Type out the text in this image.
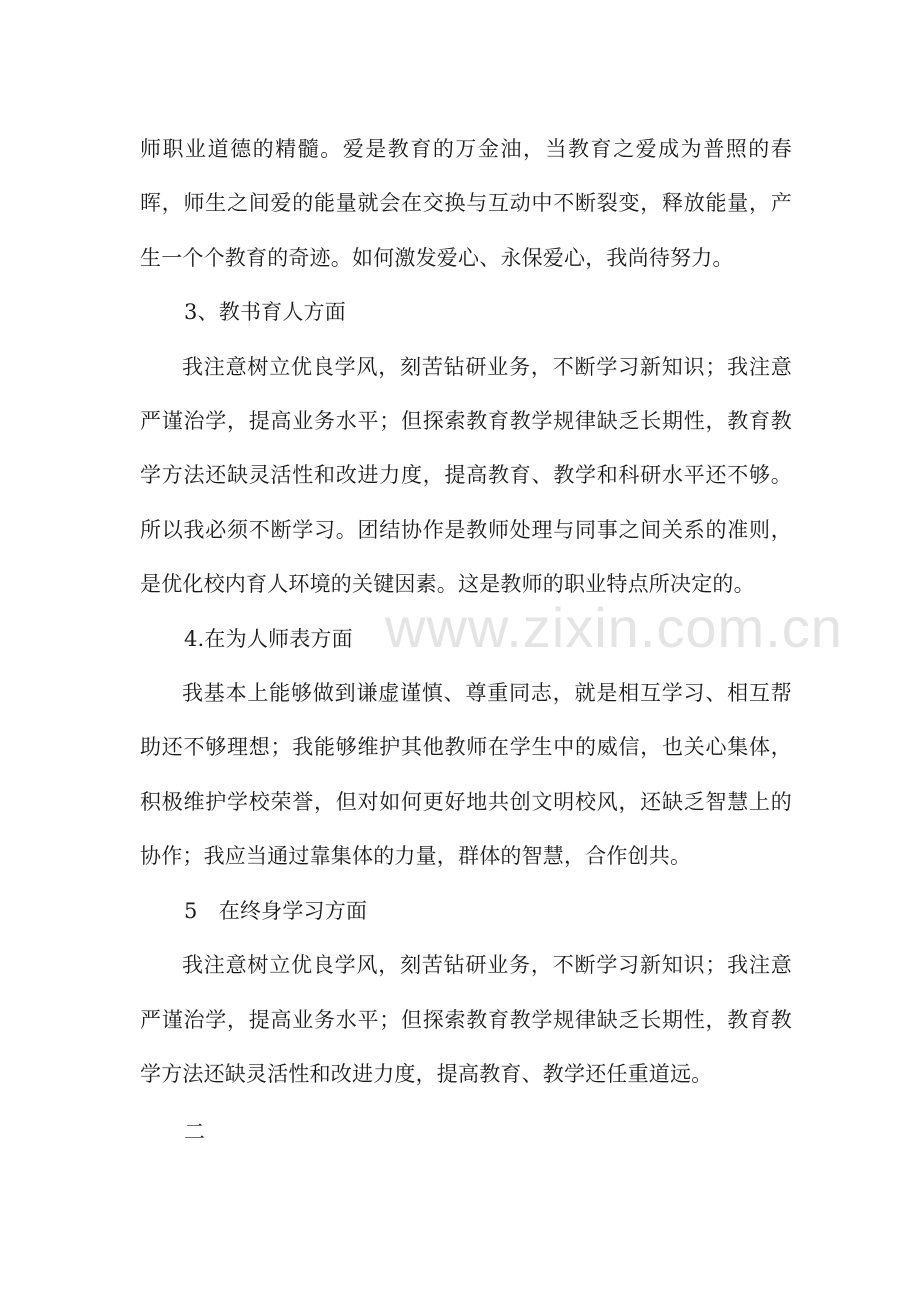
师职业道德的精髓。爱是教育的万金油，当教育之爱成为普照的春晖，师生之间爱的能量就会在交换与互动中不断裂变，释放能量，产生一个个教育的奇迹。如何激发爱心、永保爱心，我尚待努力。

3、教书育人方面

我注意树立优良学风，刻苦钻研业务，不断学习新知识；我注意严谨治学，提高业务水平；但探索教育教学规律缺乏长期性，教育教学方法还缺灵活性和改进力度，提高教育、教学和科研水平还不够。所以我必须不断学习。团结协作是教师处理与同事之间关系的准则，是优化校内育人环境的关键因素。这是教师的职业特点所决定的。

4.在为人师表方面

我基本上能够做到谦虚谨慎、尊重同志，就是相互学习、相互帮助还不够理想；我能够维护其他教师在学生中的威信，也关心集体，积极维护学校荣誉，但对如何更好地共创文明校风，还缺乏智慧上的协作；我应当通过靠集体的力量，群体的智慧，合作创共。

5　在终身学习方面

我注意树立优良学风，刻苦钻研业务，不断学习新知识；我注意严谨治学，提高业务水平；但探索教育教学规律缺乏长期性，教育教学方法还缺灵活性和改进力度，提高教育、教学还任重道远。

二

www.zixin.com.cn
